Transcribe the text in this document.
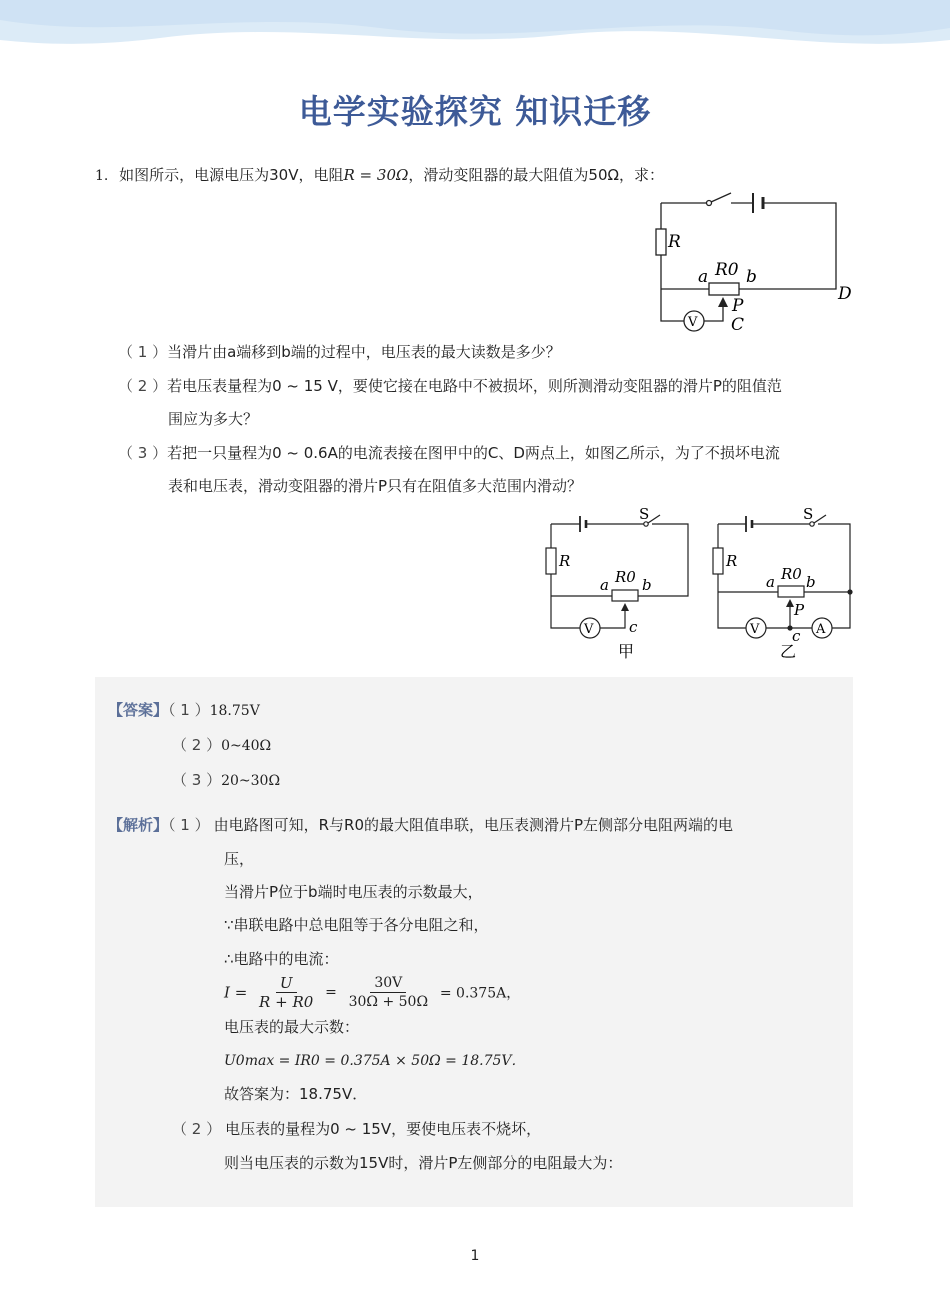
电学实验探究 知识迁移
1. 如图所示，电源电压为30V，电阻R = 30Ω，滑动变阻器的最大阻值为50Ω，求：
V
R
R0
a b
P
C
D
（ 1 ）当滑片由a端移到b端的过程中，电压表的最大读数是多少？
（ 2 ）若电压表量程为0 ~ 15 V，要使它接在电路中不被损坏，则所测滑动变阻器的滑片P的阻值范
围应为多大？
（ 3 ）若把一只量程为0 ~ 0.6A的电流表接在图甲中的C、D两点上，如图乙所示，为了不损坏电流
表和电压表，滑动变阻器的滑片P只有在阻值多大范围内滑动？
V
S
R
R0
a b
c
甲
V	A
S
R
R0
a b
P
c
乙
【答案】（ 1 ）18.75V
（ 2 ）0~40Ω
（ 3 ）20~30Ω
【解析】（ 1 ） 由电路图可知，R与R0的最大阻值串联，电压表测滑片P左侧部分电阻两端的电
压，
当滑片P位于b端时电压表的示数最大，
∵串联电路中总电阻等于各分电阻之和，
∴电路中的电流：
$I = \frac{U}{R + R0} = \frac{30V}{30\Omega + 50\Omega} = 0.375A$，
电压表的最大示数：
U0max = IR0 = 0.375A × 50Ω = 18.75V．
故答案为：18.75V．
（ 2 ） 电压表的量程为0 ~ 15V，要使电压表不烧坏，
则当电压表的示数为15V时，滑片P左侧部分的电阻最大为：
1
